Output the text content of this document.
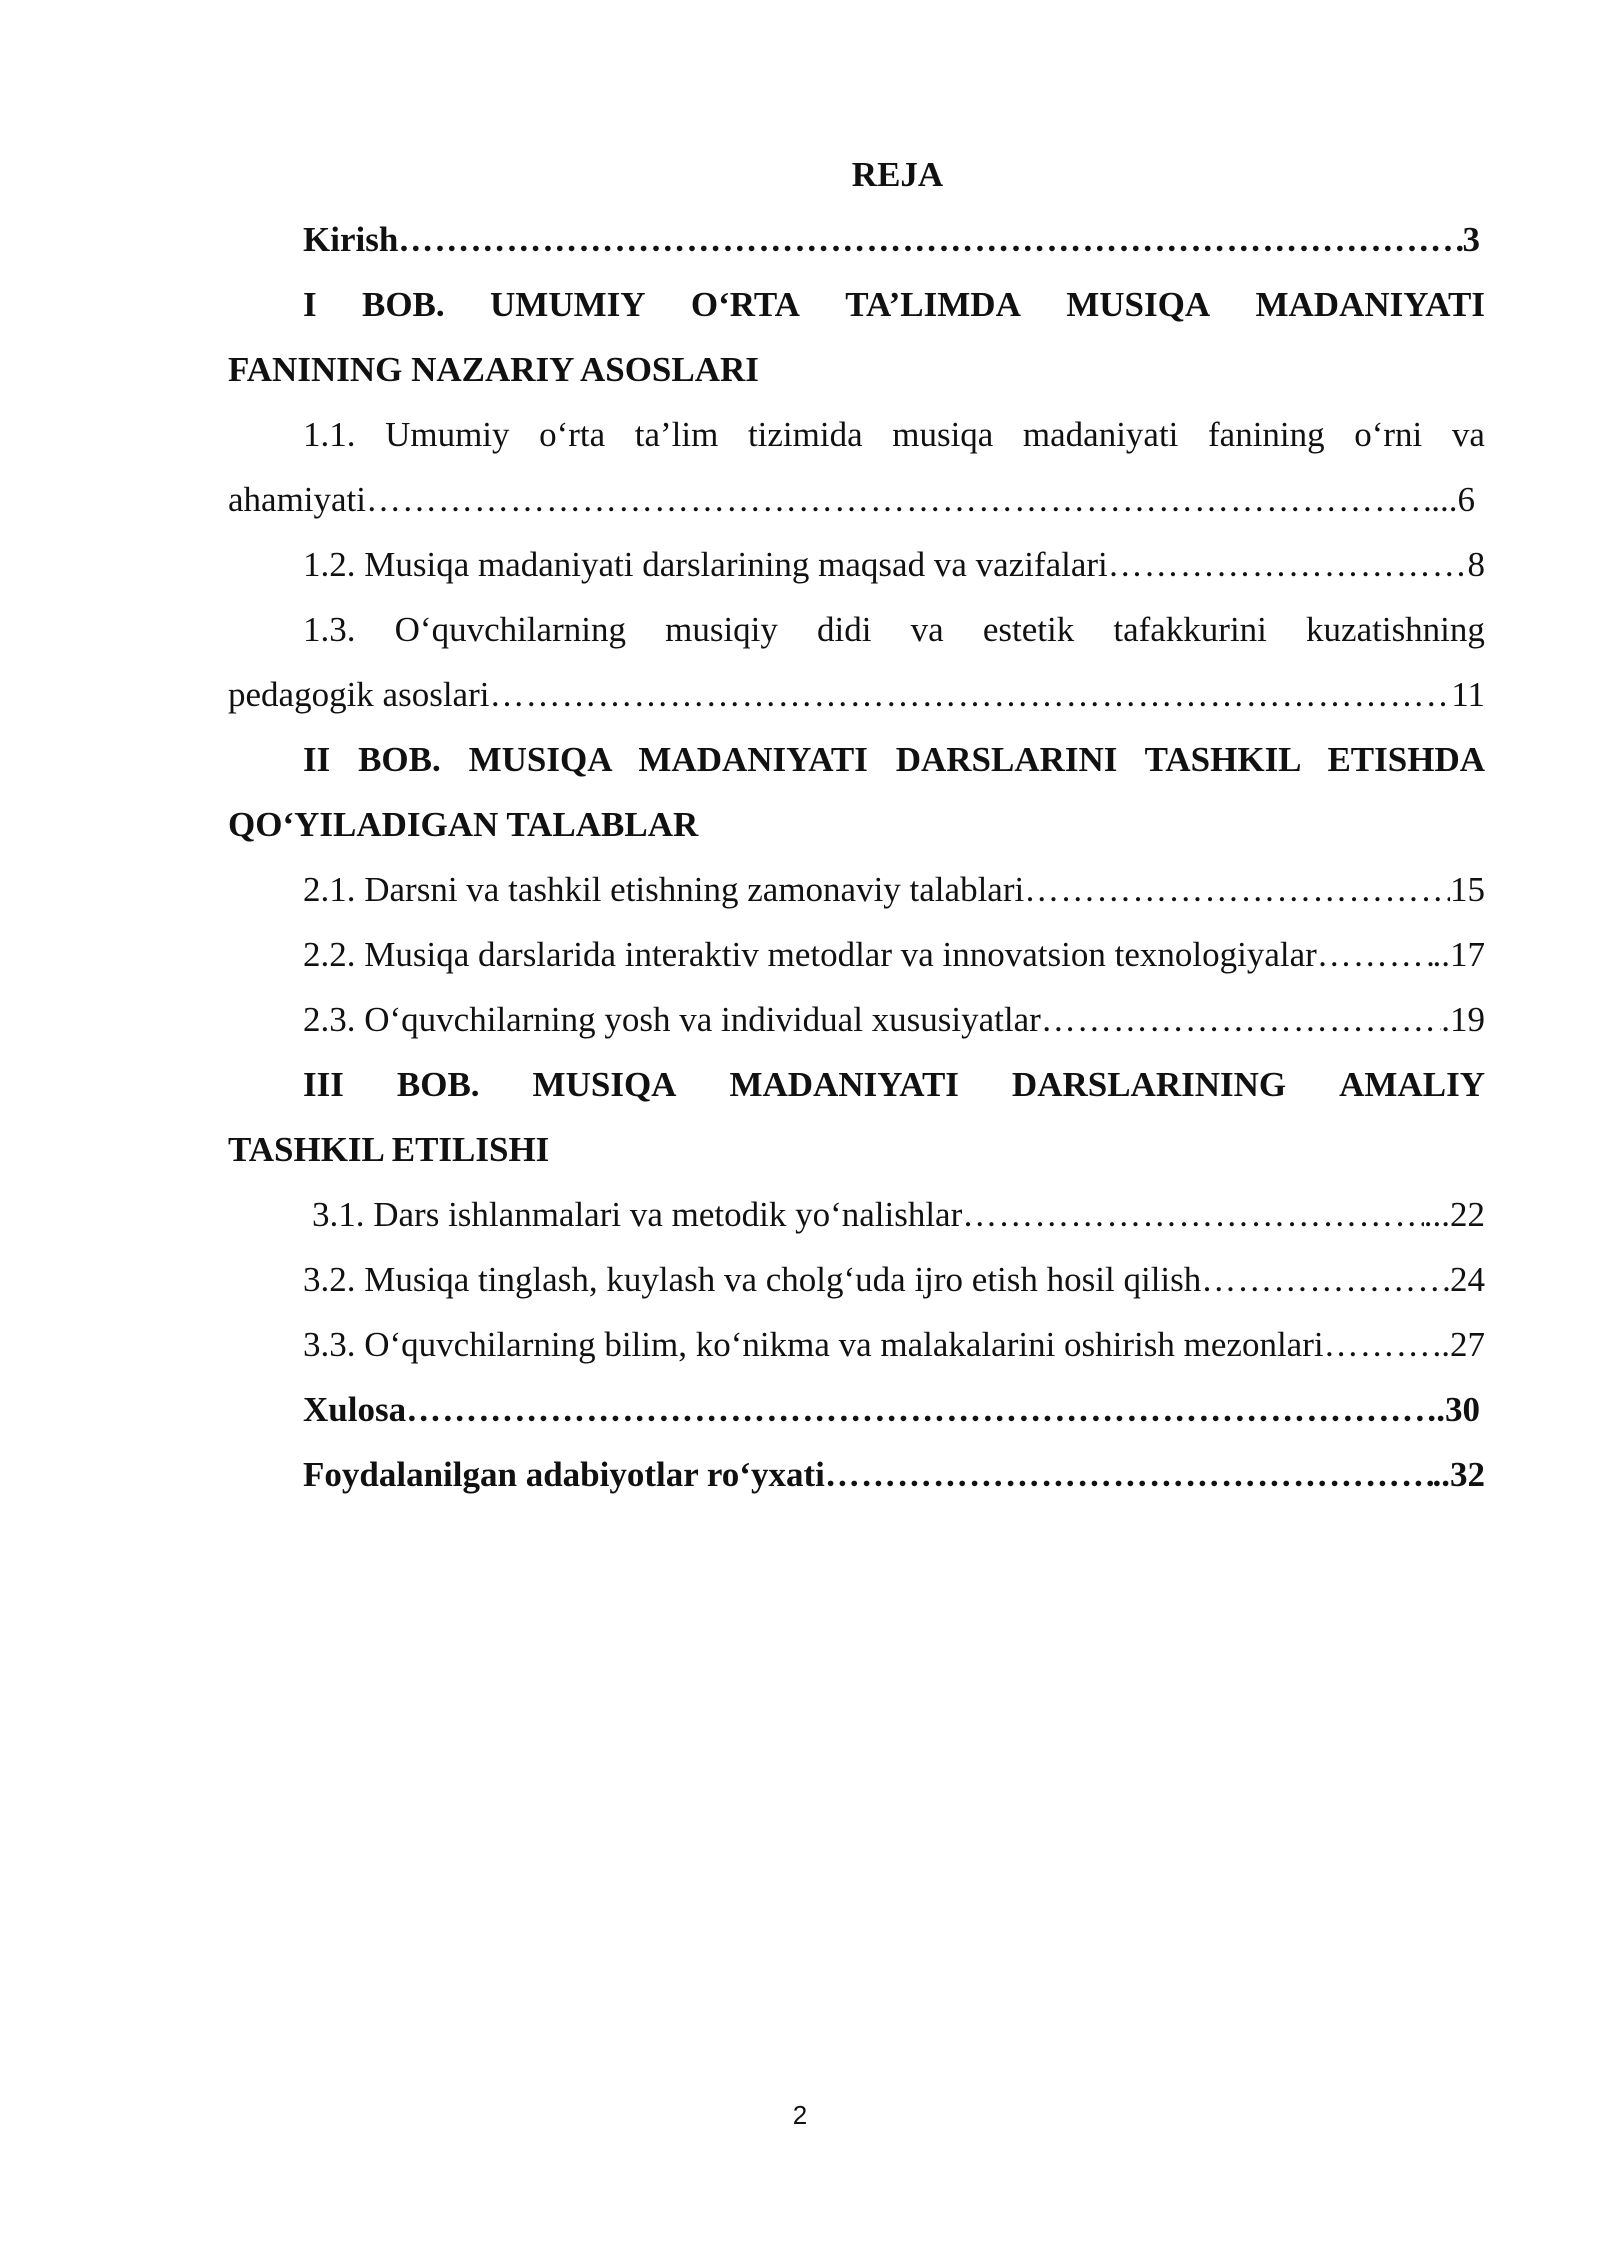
REJA
Kirish …………………………………………………………………………………………………………………………………………………	3
I BOB. UMUMIY O‘RTA TA’LIMDA MUSIQA MADANIYATI
FANINING NAZARIY ASOSLARI
1.1. Umumiy o‘rta ta’lim tizimida musiqa madaniyati fanining o‘rni va
ahamiyati …………………………………………………………………………………………………………………………………………………	... 6
1.2. Musiqa madaniyati darslarining maqsad va vazifalari …………………………………………………………………………………………………………………………………………………	8
1.3. O‘quvchilarning musiqiy didi va estetik tafakkurini kuzatishning
pedagogik asoslari …………………………………………………………………………………………………………………………………………………	11
II BOB. MUSIQA MADANIYATI DARSLARINI TASHKIL ETISHDA
QO‘YILADIGAN TALABLAR
2.1. Darsni va tashkil etishning zamonaviy talablari …………………………………………………………………………………………………………………………………………………	15
2.2. Musiqa darslarida interaktiv metodlar va innovatsion texnologiyalar …………………………………………………………………………………………………………………………………………………	..17
2.3. O‘quvchilarning yosh va individual xususiyatlar …………………………………………………………………………………………………………………………………………………	.19
III BOB. MUSIQA MADANIYATI DARSLARINING AMALIY
TASHKIL ETILISHI
3.1. Dars ishlanmalari va metodik yo‘nalishlar …………………………………………………………………………………………………………………………………………………	...22
3.2. Musiqa tinglash, kuylash va cholg‘uda ijro etish hosil qilish …………………………………………………………………………………………………………………………………………………	24
3.3. O‘quvchilarning bilim, ko‘nikma va malakalarini oshirish mezonlari …………………………………………………………………………………………………………………………………………………	..27
Xulosa …………………………………………………………………………………………………………………………………………………	.30
Foydalanilgan adabiyotlar ro‘yxati …………………………………………………………………………………………………………………………………………………	..32
2
